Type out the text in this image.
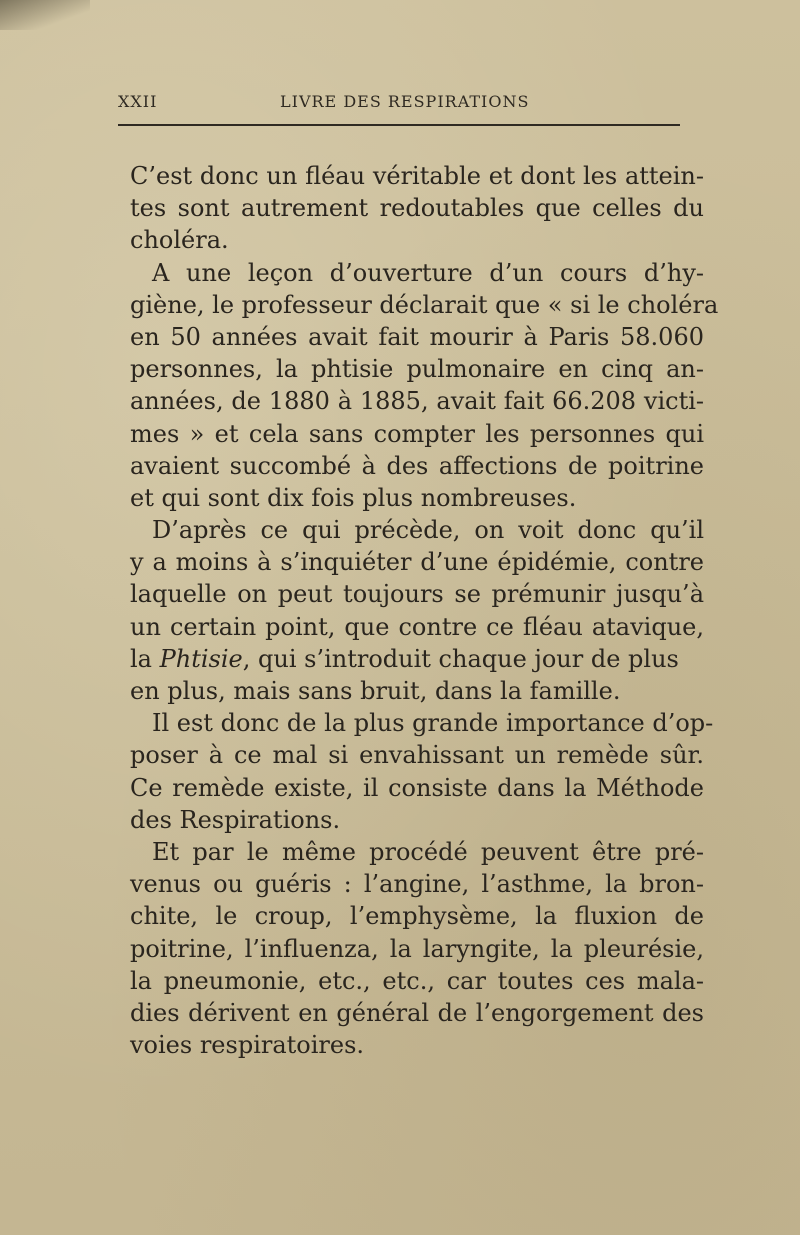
XXII	LIVRE DES RESPIRATIONS
C’est donc un fléau véritable et dont les attein-
tes sont autrement redoutables que celles du
choléra.
A une leçon d’ouverture d’un cours d’hy-
giène, le professeur déclarait que « si le choléra
en 50 années avait fait mourir à Paris 58.060
personnes, la phtisie pulmonaire en cinq an-
années, de 1880 à 1885, avait fait 66.208 victi-
mes » et cela sans compter les personnes qui
avaient succombé à des affections de poitrine
et qui sont dix fois plus nombreuses.
D’après ce qui précède, on voit donc qu’il
y a moins à s’inquiéter d’une épidémie, contre
laquelle on peut toujours se prémunir jusqu’à
un certain point, que contre ce fléau atavique,
la Phtisie, qui s’introduit chaque jour de plus
en plus, mais sans bruit, dans la famille.
Il est donc de la plus grande importance d’op-
poser à ce mal si envahissant un remède sûr.
Ce remède existe, il consiste dans la Méthode
des Respirations.
Et par le même procédé peuvent être pré-
venus ou guéris : l’angine, l’asthme, la bron-
chite, le croup, l’emphysème, la fluxion de
poitrine, l’influenza, la laryngite, la pleurésie,
la pneumonie, etc., etc., car toutes ces mala-
dies dérivent en général de l’engorgement des
voies respiratoires.
